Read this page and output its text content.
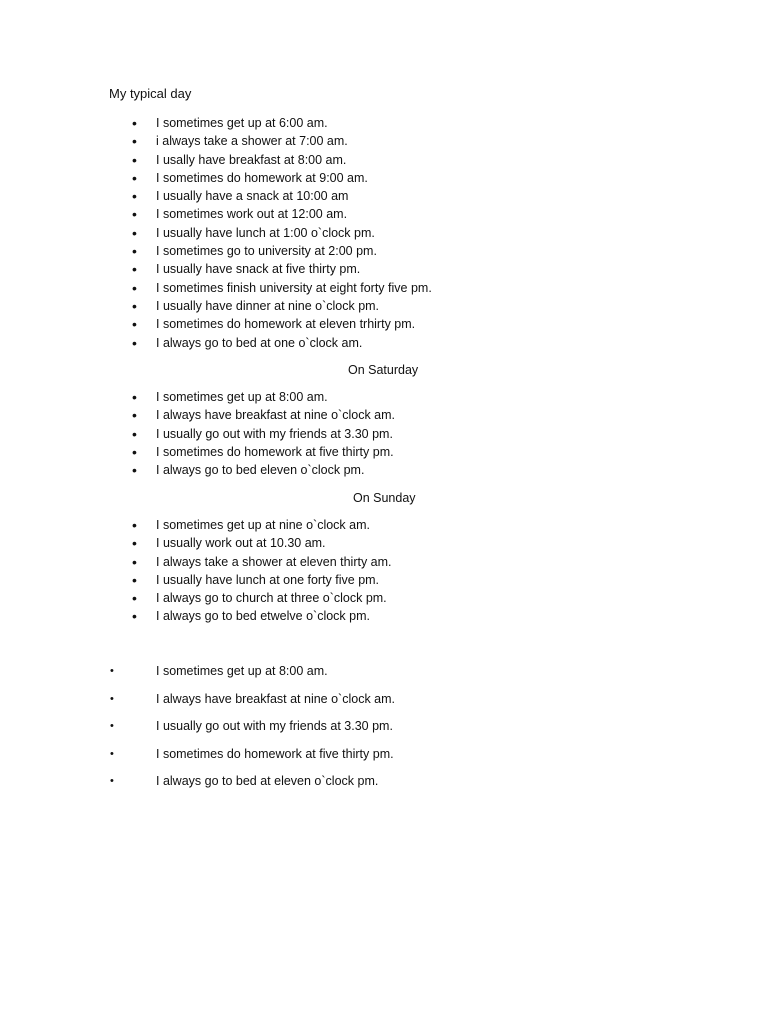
My typical day
• I sometimes get up at 6:00 am.
• i always take a shower at 7:00 am.
• I usally have breakfast at 8:00 am.
• I sometimes do homework at 9:00 am.
• I usually have a snack at 10:00 am
• I sometimes work out at 12:00 am.
• I usually have lunch at 1:00 o`clock pm.
• I sometimes go to university at 2:00 pm.
• I usually have snack at five thirty pm.
• I sometimes finish university at eight forty five pm.
• I usually have dinner at nine o`clock pm.
• I sometimes do homework at eleven trhirty pm.
• I always go to bed at one o`clock am.
On Saturday
• I sometimes get up at 8:00 am.
• I always have breakfast at nine o`clock am.
• I usually go out with my friends at 3.30 pm.
• I sometimes do homework at five thirty pm.
• I always go to bed eleven o`clock pm.
On Sunday
• I sometimes get up at nine o`clock am.
• I usually work out at 10.30 am.
• I always take a shower at eleven thirty am.
• I usually have lunch at one forty five pm.
• I always go to church at three o`clock pm.
• I always go to bed etwelve o`clock pm.
•	I sometimes get up at 8:00 am.
•	I always have breakfast at nine o`clock am.
•	I usually go out with my friends at 3.30 pm.
•	I sometimes do homework at five thirty pm.
•	I always go to bed at eleven o`clock pm.
